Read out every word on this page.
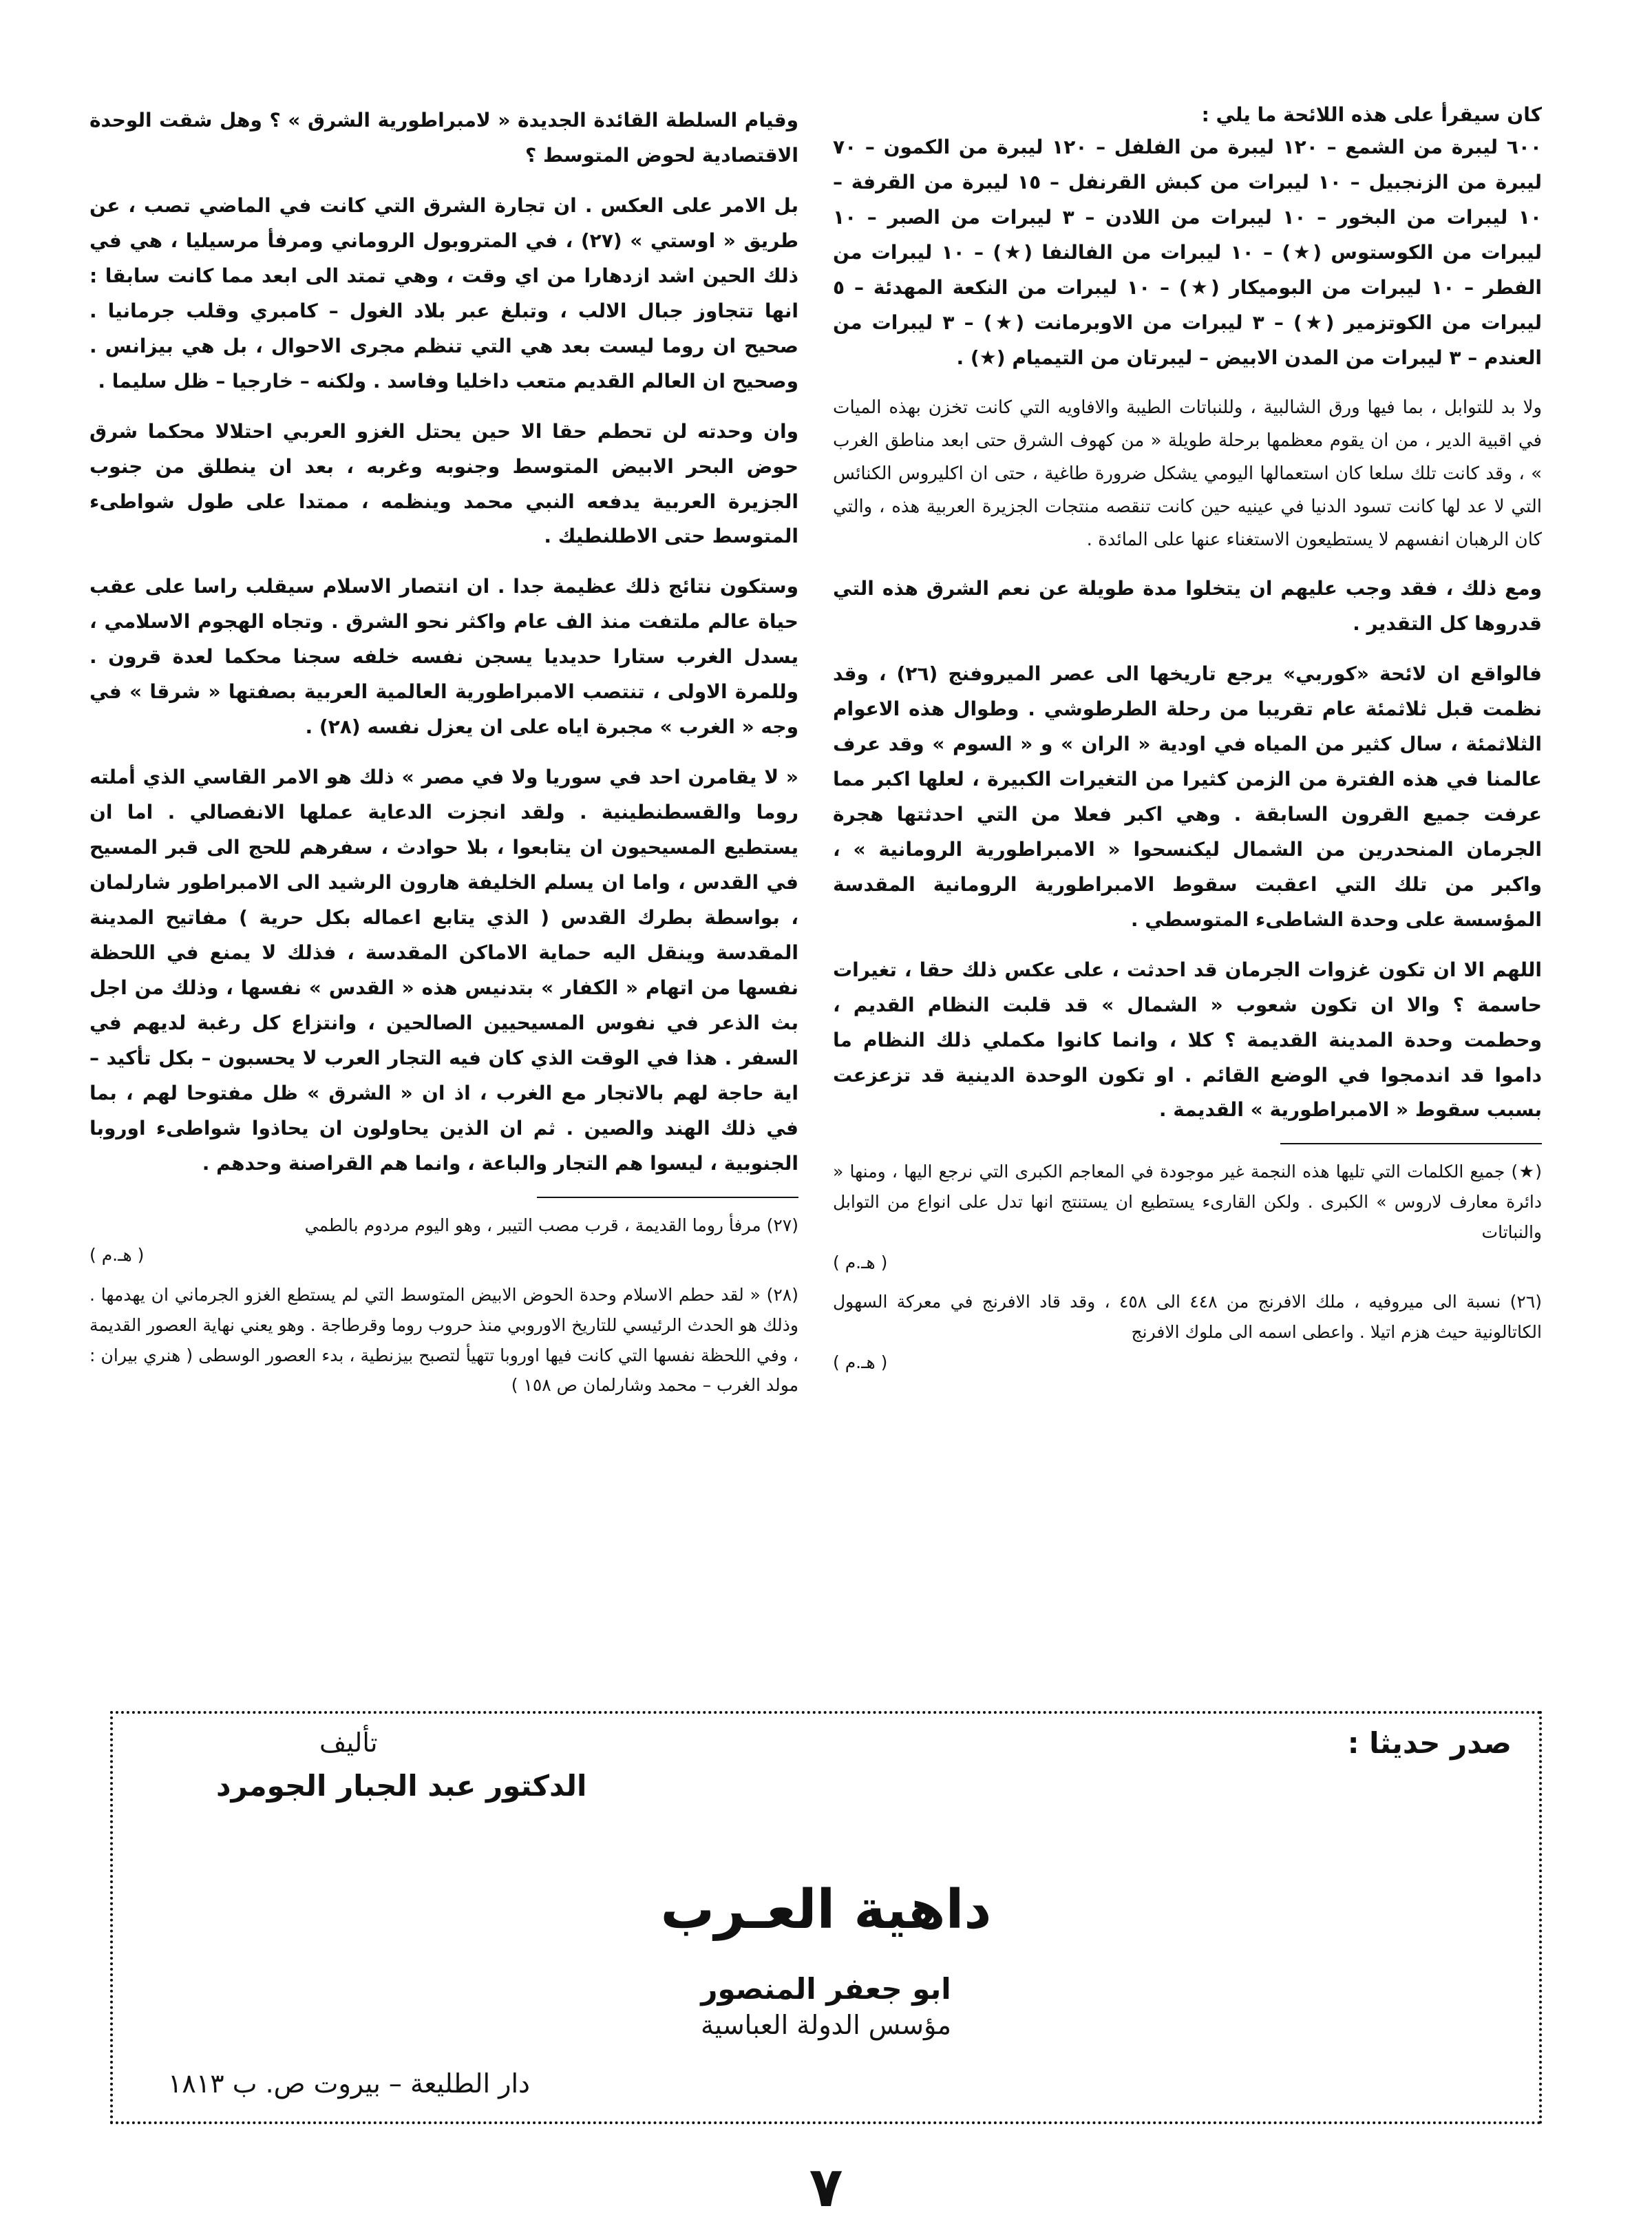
كان سيقرأ على هذه اللائحة ما يلي :

٦٠٠ ليبرة من الشمع – ١٢٠ ليبرة من الفلفل – ١٢٠ ليبرة من الكمون – ٧٠ ليبرة من الزنجبيل – ١٠ ليبرات من كبش القرنفل – ١٥ ليبرة من القرفة – ١٠ ليبرات من البخور – ١٠ ليبرات من اللادن – ٣ ليبرات من الصبر – ١٠ ليبرات من الكوستوس (★) – ١٠ ليبرات من الفالنفا (★) – ١٠ ليبرات من الفطر – ١٠ ليبرات من البوميكار (★) – ١٠ ليبرات من النكعة المهدئة – ٥ ليبرات من الكوتزمير (★) – ٣ ليبرات من الاوبرمانت (★) – ٣ ليبرات من العندم – ٣ ليبرات من المدن الابيض – ليبرتان من التيميام (★) .

ولا بد للتوابل ، بما فيها ورق الشالبية ، وللنباتات الطيبة والافاويه التي كانت تخزن بهذه الميات في اقبية الدير ، من ان يقوم معظمها برحلة طويلة « من كهوف الشرق حتى ابعد مناطق الغرب » ، وقد كانت تلك سلعا كان استعمالها اليومي يشكل ضرورة طاغية ، حتى ان اكليروس الكنائس التي لا عد لها كانت تسود الدنيا في عينيه حين كانت تنقصه منتجات الجزيرة العربية هذه ، والتي كان الرهبان انفسهم لا يستطيعون الاستغناء عنها على المائدة .

ومع ذلك ، فقد وجب عليهم ان يتخلوا مدة طويلة عن نعم الشرق هذه التي قدروها كل التقدير .

فالواقع ان لائحة «كوربي» يرجع تاريخها الى عصر الميروفنج (٢٦) ، وقد نظمت قبل ثلاثمئة عام تقريبا من رحلة الطرطوشي . وطوال هذه الاعوام الثلاثمئة ، سال كثير من المياه في اودية « الران » و « السوم » وقد عرف عالمنا في هذه الفترة من الزمن كثيرا من التغيرات الكبيرة ، لعلها اكبر مما عرفت جميع القرون السابقة . وهي اكبر فعلا من التي احدثتها هجرة الجرمان المنحدرين من الشمال ليكنسحوا « الامبراطورية الرومانية » ، واكبر من تلك التي اعقبت سقوط الامبراطورية الرومانية المقدسة المؤسسة على وحدة الشاطىء المتوسطي .

اللهم الا ان تكون غزوات الجرمان قد احدثت ، على عكس ذلك حقا ، تغيرات حاسمة ؟ والا ان تكون شعوب « الشمال » قد قلبت النظام القديم ، وحطمت وحدة المدينة القديمة ؟ كلا ، وانما كانوا مكملي ذلك النظام ما داموا قد اندمجوا في الوضع القائم . او تكون الوحدة الدينية قد تزعزعت بسبب سقوط « الامبراطورية » القديمة .

(★) جميع الكلمات التي تليها هذه النجمة غير موجودة في المعاجم الكبرى التي نرجع اليها ، ومنها « دائرة معارف لاروس » الكبرى . ولكن القارىء يستطيع ان يستنتج انها تدل على انواع من التوابل والنباتات
( هـ.م )

(٢٦) نسبة الى ميروفيه ، ملك الافرنج من ٤٤٨ الى ٤٥٨ ، وقد قاد الافرنج في معركة السهول الكاتالونية حيث هزم اتيلا . واعطى اسمه الى ملوك الافرنج
( هـ.م )

وقيام السلطة القائدة الجديدة « لامبراطورية الشرق » ؟ وهل شقت الوحدة الاقتصادية لحوض المتوسط ؟

بل الامر على العكس . ان تجارة الشرق التي كانت في الماضي تصب ، عن طريق « اوستي » (٢٧) ، في المتروبول الروماني ومرفأ مرسيليا ، هي في ذلك الحين اشد ازدهارا من اي وقت ، وهي تمتد الى ابعد مما كانت سابقا : انها تتجاوز جبال الالب ، وتبلغ عبر بلاد الغول – كامبري وقلب جرمانيا . صحيح ان روما ليست بعد هي التي تنظم مجرى الاحوال ، بل هي بيزانس . وصحيح ان العالم القديم متعب داخليا وفاسد . ولكنه – خارجيا – ظل سليما .

وان وحدته لن تحطم حقا الا حين يحتل الغزو العربي احتلالا محكما شرق حوض البحر الابيض المتوسط وجنوبه وغربه ، بعد ان ينطلق من جنوب الجزيرة العربية يدفعه النبي محمد وينظمه ، ممتدا على طول شواطىء المتوسط حتى الاطلنطيك .

وستكون نتائج ذلك عظيمة جدا . ان انتصار الاسلام سيقلب راسا على عقب حياة عالم ملتفت منذ الف عام واكثر نحو الشرق . وتجاه الهجوم الاسلامي ، يسدل الغرب ستارا حديديا يسجن نفسه خلفه سجنا محكما لعدة قرون . وللمرة الاولى ، تنتصب الامبراطورية العالمية العربية بصفتها « شرقا » في وجه « الغرب » مجبرة اياه على ان يعزل نفسه (٢٨) .

« لا يقامرن احد في سوريا ولا في مصر » ذلك هو الامر القاسي الذي أملته روما والقسطنطينية . ولقد انجزت الدعاية عملها الانفصالي . اما ان يستطيع المسيحيون ان يتابعوا ، بلا حوادث ، سفرهم للحج الى قبر المسيح في القدس ، واما ان يسلم الخليفة هارون الرشيد الى الامبراطور شارلمان ، بواسطة بطرك القدس ( الذي يتابع اعماله بكل حرية ) مفاتيح المدينة المقدسة وينقل اليه حماية الاماكن المقدسة ، فذلك لا يمنع في اللحظة نفسها من اتهام « الكفار » بتدنيس هذه « القدس » نفسها ، وذلك من اجل بث الذعر في نفوس المسيحيين الصالحين ، وانتزاع كل رغبة لديهم في السفر . هذا في الوقت الذي كان فيه التجار العرب لا يحسبون – بكل تأكيد – اية حاجة لهم بالاتجار مع الغرب ، اذ ان « الشرق » ظل مفتوحا لهم ، بما في ذلك الهند والصين . ثم ان الذين يحاولون ان يحاذوا شواطىء اوروبا الجنوبية ، ليسوا هم التجار والباعة ، وانما هم القراصنة وحدهم .

(٢٧) مرفأ روما القديمة ، قرب مصب التيبر ، وهو اليوم مردوم بالطمي
( هـ.م )

(٢٨) « لقد حطم الاسلام وحدة الحوض الابيض المتوسط التي لم يستطع الغزو الجرماني ان يهدمها . وذلك هو الحدث الرئيسي للتاريخ الاوروبي منذ حروب روما وقرطاجة . وهو يعني نهاية العصور القديمة ، وفي اللحظة نفسها التي كانت فيها اوروبا تتهيأ لتصبح بيزنطية ، بدء العصور الوسطى ( هنري بيران : مولد الغرب – محمد وشارلمان ص ١٥٨ )

صدر حديثا :
تأليف
الدكتور عبد الجبار الجومرد
داهية العـرب
ابو جعفر المنصور
مؤسس الدولة العباسية
دار الطليعة – بيروت ص. ب ١٨١٣
٧
